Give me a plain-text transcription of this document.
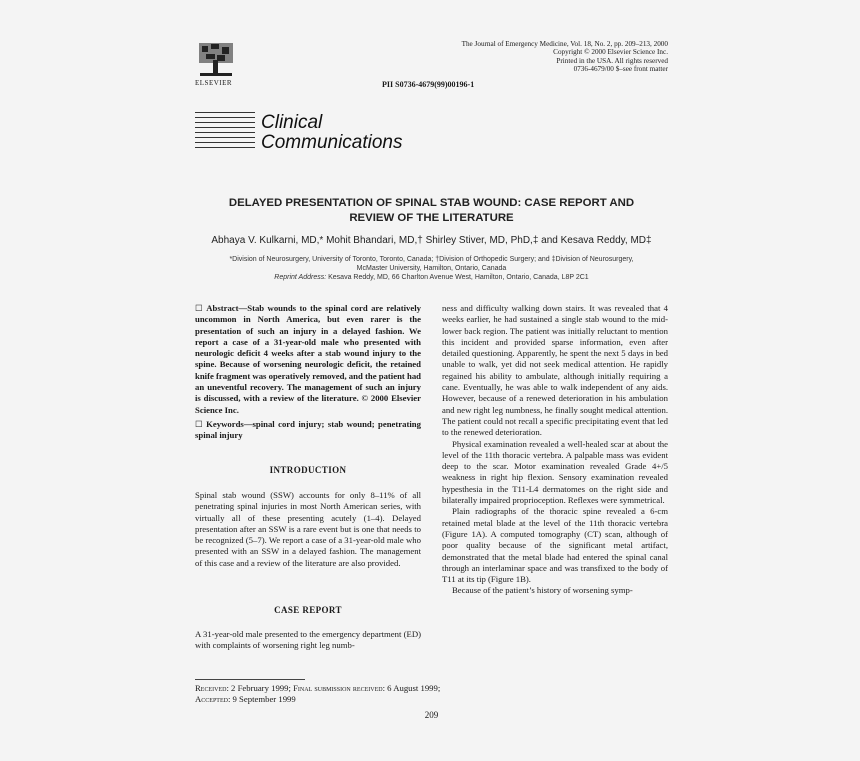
ELSEVIER
The Journal of Emergency Medicine, Vol. 18, No. 2, pp. 209–213, 2000
Copyright © 2000 Elsevier Science Inc.
Printed in the USA. All rights reserved
0736-4679/00 $–see front matter
PII S0736-4679(99)00196-1
Clinical
Communications
DELAYED PRESENTATION OF SPINAL STAB WOUND: CASE REPORT AND
REVIEW OF THE LITERATURE
Abhaya V. Kulkarni, MD,* Mohit Bhandari, MD,† Shirley Stiver, MD, PhD,‡ and Kesava Reddy, MD‡
*Division of Neurosurgery, University of Toronto, Toronto, Canada; †Division of Orthopedic Surgery; and ‡Division of Neurosurgery,
McMaster University, Hamilton, Ontario, Canada
Reprint Address: Kesava Reddy, MD, 66 Charlton Avenue West, Hamilton, Ontario, Canada, L8P 2C1
☐ Abstract—Stab wounds to the spinal cord are relatively uncommon in North America, but even rarer is the presentation of such an injury in a delayed fashion. We report a case of a 31-year-old male who presented with neurologic deficit 4 weeks after a stab wound injury to the spine. Because of worsening neurologic deficit, the retained knife fragment was operatively removed, and the patient had an uneventful recovery. The management of such an injury is discussed, with a review of the literature. © 2000 Elsevier Science Inc.
☐ Keywords—spinal cord injury; stab wound; penetrating spinal injury
INTRODUCTION
Spinal stab wound (SSW) accounts for only 8–11% of all penetrating spinal injuries in most North American series, with virtually all of these presenting acutely (1–4). Delayed presentation after an SSW is a rare event but is one that needs to be recognized (5–7). We report a case of a 31-year-old male who presented with an SSW in a delayed fashion. The management of this case and a review of the literature are also provided.
CASE REPORT
A 31-year-old male presented to the emergency department (ED) with complaints of worsening right leg numb-

ness and difficulty walking down stairs. It was revealed that 4 weeks earlier, he had sustained a single stab wound to the mid-lower back region. The patient was initially reluctant to mention this incident and provided sparse information, even after detailed questioning. Apparently, he spent the next 5 days in bed unable to walk, yet did not seek medical attention. He rapidly regained his ability to ambulate, although initially requiring a cane. Eventually, he was able to walk independent of any aids. However, because of a renewed deterioration in his ambulation and new right leg numbness, he finally sought medical attention. The patient could not recall a specific precipitating event that led to the renewed deterioration.

Physical examination revealed a well-healed scar at about the level of the 11th thoracic vertebra. A palpable mass was evident deep to the scar. Motor examination revealed Grade 4+/5 weakness in right hip flexion. Sensory examination revealed hypesthesia in the T11-L4 dermatomes on the right side and bilaterally impaired proprioception. Reflexes were symmetrical.

Plain radiographs of the thoracic spine revealed a 6-cm retained metal blade at the level of the 11th thoracic vertebra (Figure 1A). A computed tomography (CT) scan, although of poor quality because of the significant metal artifact, demonstrated that the metal blade had entered the spinal canal through an interlaminar space and was transfixed to the body of T11 at its tip (Figure 1B).

Because of the patient’s history of worsening symp-

Received: 2 February 1999; Final submission received: 6 August 1999;
Accepted: 9 September 1999
209
